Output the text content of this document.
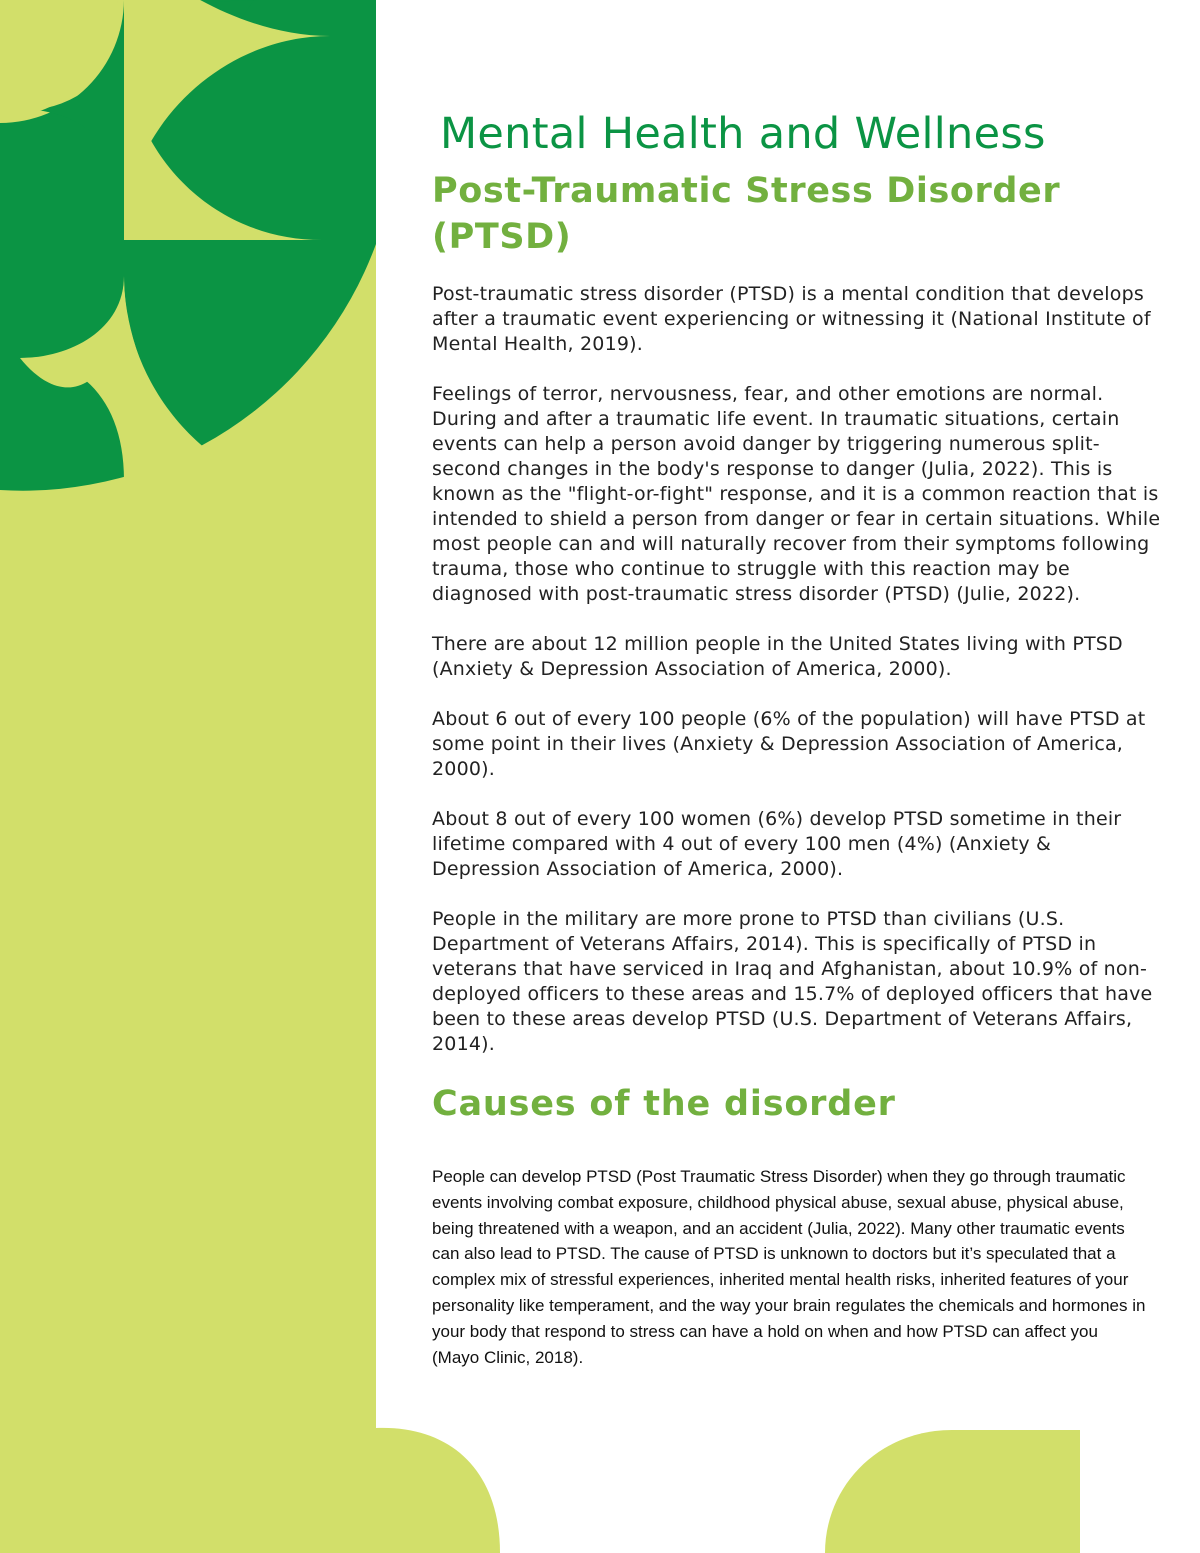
Mental Health and Wellness
Post-Traumatic Stress Disorder (PTSD)

Post-traumatic stress disorder (PTSD) is a mental condition that develops after a traumatic event experiencing or witnessing it (National Institute of Mental Health, 2019).

Feelings of terror, nervousness, fear, and other emotions are normal. During and after a traumatic life event. In traumatic situations, certain events can help a person avoid danger by triggering numerous split-second changes in the body's response to danger (Julia, 2022). This is known as the "flight-or-fight" response, and it is a common reaction that is intended to shield a person from danger or fear in certain situations. While most people can and will naturally recover from their symptoms following trauma, those who continue to struggle with this reaction may be diagnosed with post-traumatic stress disorder (PTSD) (Julie, 2022).

There are about 12 million people in the United States living with PTSD (Anxiety & Depression Association of America, 2000).

About 6 out of every 100 people (6% of the population) will have PTSD at some point in their lives (Anxiety & Depression Association of America, 2000).

About 8 out of every 100 women (6%) develop PTSD sometime in their lifetime compared with 4 out of every 100 men (4%) (Anxiety & Depression Association of America, 2000).

People in the military are more prone to PTSD than civilians (U.S. Department of Veterans Affairs, 2014). This is specifically of PTSD in veterans that have serviced in Iraq and Afghanistan, about 10.9% of non-deployed officers to these areas and 15.7% of deployed officers that have been to these areas develop PTSD (U.S. Department of Veterans Affairs, 2014).

Causes of the disorder

People can develop PTSD (Post Traumatic Stress Disorder) when they go through traumatic events involving combat exposure, childhood physical abuse, sexual abuse, physical abuse, being threatened with a weapon, and an accident (Julia, 2022). Many other traumatic events can also lead to PTSD. The cause of PTSD is unknown to doctors but it’s speculated that a complex mix of stressful experiences, inherited mental health risks, inherited features of your personality like temperament, and the way your brain regulates the chemicals and hormones in your body that respond to stress can have a hold on when and how PTSD can affect you (Mayo Clinic, 2018).
